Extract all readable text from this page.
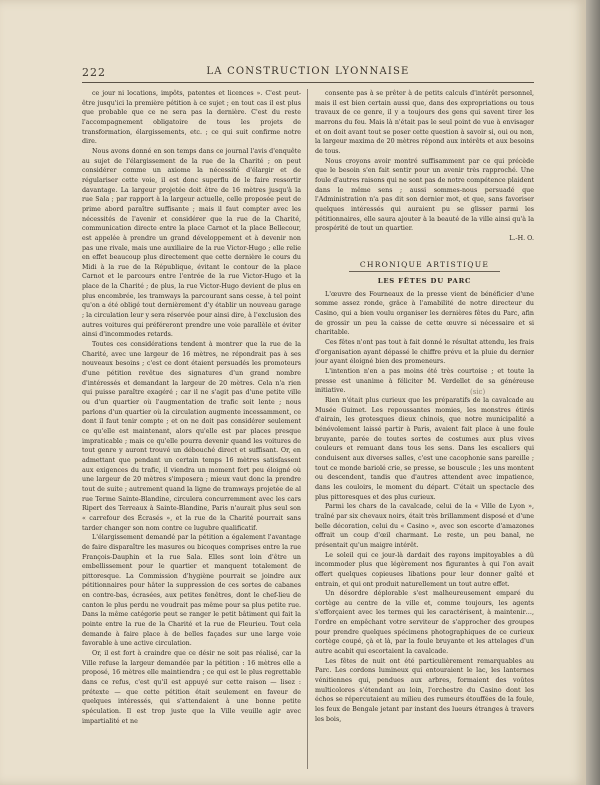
222	LA CONSTRUCTION LYONNAISE

ce jour ni locations, impôts, patentes et licences ». C'est peut-être jusqu'ici la première pétition à ce sujet ; en tout cas il est plus que probable que ce ne sera pas la dernière. C'est du reste l'accompagnement obligatoire de tous les projets de transformation, élargissements, etc. ; ce qui suit confirme notre dire.

Nous avons donné en son temps dans ce journal l'avis d'enquête au sujet de l'élargissement de la rue de la Charité ; on peut considérer comme un axiome la nécessité d'élargir et de régulariser cette voie, il est donc superflu de le faire ressortir davantage. La largeur projetée doit être de 16 mètres jusqu'à la rue Sala ; par rapport à la largeur actuelle, celle proposée peut de prime abord paraître suffisante ; mais il faut compter avec les nécessités de l'avenir et considérer que la rue de la Charité, communication directe entre la place Carnot et la place Bellecour, est appelée à prendre un grand développement et à devenir non pas une rivale, mais une auxiliaire de la rue Victor-Hugo ; elle relie en effet beaucoup plus directement que cette dernière le cours du Midi à la rue de la République, évitant le contour de la place Carnot et le parcours entre l'entrée de la rue Victor-Hugo et la place de la Charité ; de plus, la rue Victor-Hugo devient de plus en plus encombrée, les tramways la parcourant sans cesse, à tel point qu'on a été obligé tout dernièrement d'y établir un nouveau garage ; la circulation leur y sera réservée pour ainsi dire, à l'exclusion des autres voitures qui préféreront prendre une voie parallèle et éviter ainsi d'incommodes retards.

Toutes ces considérations tendent à montrer que la rue de la Charité, avec une largeur de 16 mètres, ne répondrait pas à ses nouveaux besoins ; c'est ce dont étaient persuadés les promoteurs d'une pétition revêtue des signatures d'un grand nombre d'intéressés et demandant la largeur de 20 mètres. Cela n'a rien qui puisse paraître exagéré ; car il ne s'agit pas d'une petite ville ou d'un quartier où l'augmentation de trafic soit lente ; nous parlons d'un quartier où la circulation augmente incessamment, ce dont il faut tenir compte ; et on ne doit pas considérer seulement ce qu'elle est maintenant, alors qu'elle est par places presque impraticable ; mais ce qu'elle pourra devenir quand les voitures de tout genre y auront trouvé un débouché direct et suffisant. Or, en admettant que pendant un certain temps 16 mètres satisfassent aux exigences du trafic, il viendra un moment fort peu éloigné où une largeur de 20 mètres s'imposera ; mieux vaut donc la prendre tout de suite ; autrement quand la ligne de tramways projetée de al rue Terme Sainte-Blandine, circulera concurremment avec les cars Ripert des Terreaux à Sainte-Blandine, Paris n'aurait plus seul son « carrefour des Écrasés », et la rue de la Charité pourrait sans tarder changer son nom contre ce lugubre qualificatif.

L'élargissement demandé par la pétition a également l'avantage de faire disparaître les masures ou bicoques comprises entre la rue François-Dauphin et la rue Sala. Elles sont loin d'être un embellissement pour le quartier et manquent totalement de pittoresque. La Commission d'hygiène pourrait se joindre aux pétitionnaires pour hâter la suppression de ces sortes de cabanes en contre-bas, écrasées, aux petites fenêtres, dont le chef-lieu de canton le plus perdu ne voudrait pas même pour sa plus petite rue. Dans la même catégorie peut se ranger le petit bâtiment qui fait la pointe entre la rue de la Charité et la rue de Fleurieu. Tout cela demande à faire place à de belles façades sur une large voie favorable à une active circulation.

Or, il est fort à craindre que ce désir ne soit pas réalisé, car la Ville refuse la largeur demandée par la pétition : 16 mètres elle a proposé, 16 mètres elle maintiendra ; ce qui est le plus regrettable dans ce refus, c'est qu'il est appuyé sur cette raison — lisez : prétexte — que cette pétition était seulement en faveur de quelques intéressés, qui s'attendaient à une bonne petite spéculation. Il est trop juste que la Ville veuille agir avec impartialité et ne

consente pas à se prêter à de petits calculs d'intérêt personnel, mais il est bien certain aussi que, dans des expropriations ou tous travaux de ce genre, il y a toujours des gens qui savent tirer les marrons du feu. Mais là n'était pas le seul point de vue à envisager et on doit avant tout se poser cette question à savoir si, oui ou non, la largeur maxima de 20 mètres répond aux intérêts et aux besoins de tous.

Nous croyons avoir montré suffisamment par ce qui précède que le besoin s'en fait sentir pour un avenir très rapproché. Une foule d'autres raisons qui ne sont pas de notre compétence plaident dans le même sens ; aussi sommes-nous persuadé que l'Administration n'a pas dit son dernier mot, et que, sans favoriser quelques intéressés qui auraient pu se glisser parmi les pétitionnaires, elle saura ajouter à la beauté de la ville ainsi qu'à la prospérité de tout un quartier.

L.-H. O.

CHRONIQUE ARTISTIQUE
LES FÊTES DU PARC

L'œuvre des Fourneaux de la presse vient de bénéficier d'une somme assez ronde, grâce à l'amabilité de notre directeur du Casino, qui a bien voulu organiser les dernières fêtes du Parc, afin de grossir un peu la caisse de cette œuvre si nécessaire et si charitable.

Ces fêtes n'ont pas tout à fait donné le résultat attendu, les frais d'organisation ayant dépassé le chiffre prévu et la pluie du dernier jour ayant éloigné bien des promeneurs.

L'intention n'en a pas moins été très courtoise ; et toute la presse est unanime à féliciter M. Verdellet de sa généreuse initiative.

Rien n'était plus curieux que les préparatifs de la cavalcade au Musée Guimet. Les repoussantes momies, les monstres étirés d'airain, les grotesques dieux chinois, que notre municipalité a bénévolement laissé partir à Paris, avaient fait place à une foule bruyante, parée de toutes sortes de costumes aux plus vives couleurs et remuant dans tous les sens. Dans les escaliers qui conduisent aux diverses salles, c'est une cacophonie sans pareille ; tout ce monde bariolé crie, se presse, se bouscule ; les uns montent ou descendent, tandis que d'autres attendent avec impatience, dans les couloirs, le moment du départ. C'était un spectacle des plus pittoresques et des plus curieux.

Parmi les chars de la cavalcade, celui de la « Ville de Lyon », traîné par six chevaux noirs, était très brillamment disposé et d'une belle décoration, celui du « Casino », avec son escorte d'amazones offrait un coup d'œil charmant. Le reste, un peu banal, ne présentait qu'un maigre intérêt.

Le soleil qui ce jour-là dardait des rayons impitoyables a dû incommoder plus que légèrement nos figurantes à qui l'on avait offert quelques copieuses libations pour leur donner gaîté et entrain, et qui ont produit naturellement un tout autre effet.

Un désordre déplorable s'est malheureusement emparé du cortège au centre de la ville et, comme toujours, les agents s'efforçaient avec les termes qui les caractérisent, à maintenir…, l'ordre en empêchant votre serviteur de s'approcher des groupes pour prendre quelques spécimens photographiques de ce curieux cortège coupé, çà et là, par la foule bruyante et les attelages d'un autre acabit qui escortaient la cavalcade.

Les fêtes de nuit ont été particulièrement remarquables au Parc. Les cordons lumineux qui entouraient le lac, les lanternes vénitiennes qui, pendues aux arbres, formaient des voûtes multicolores s'étendant au loin, l'orchestre du Casino dont les échos se répercutaient au milieu des rumeurs étouffées de la foule, les feux de Bengale jetant par instant des lueurs étranges à travers les bois,

(sic)
